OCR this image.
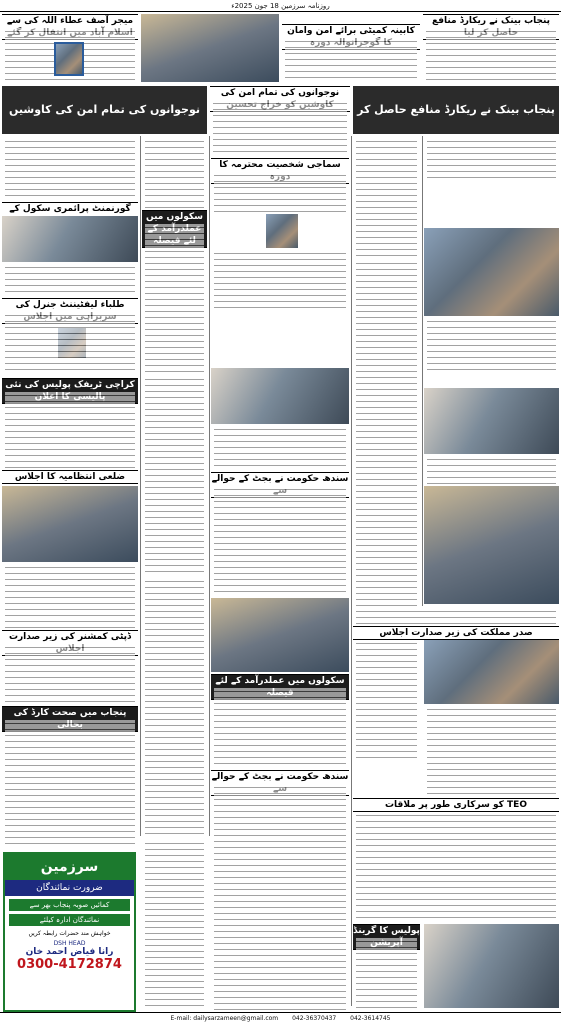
روزنامہ سرزمین 18 جون 2025ء
میجر آصف عطاء اللہ کی سے
کابینہ کمیٹی برائے امن وامان
پنجاب بینک نے ریکارڈ منافع
نوجوانوں کی تمام امن کی کاوشیں
نوجوانوں کی تمام امن کی
پنجاب بینک نے ریکارڈ منافع حاصل کر
گورنمنٹ پرائمری سکول کے
طلباء لیفٹیننٹ جنرل کی
کراچی ٹریفک پولیس کی نئی
ضلعی انتظامیہ کا اجلاس
ڈپٹی کمشنر کی زیر صدارت
پنجاب میں صحت کارڈ کی
سرزمین
ضرورت نمائندگان
کمائیں صوبہ پنجاب بھر سے
نمائندگان ادارہ کیلئے
خواہش مند حضرات رابطہ کریں
DSH HEAD
رانا فیاض احمد خان
0300-4172874
سکولوں میں
سماجی شخصیت محترمہ کا
سندھ حکومت نے بجٹ کے حوالے
سکولوں میں عملدرآمد کے لئے
سندھ حکومت نے بجٹ کے حوالے
صدر مملکت کی زیر صدارت اجلاس
TEO کو سرکاری طور پر ملاقات
پولیس کا گرینڈ
E-mail: dailysarzameen@gmail.com 042-36370437 042-3614745
